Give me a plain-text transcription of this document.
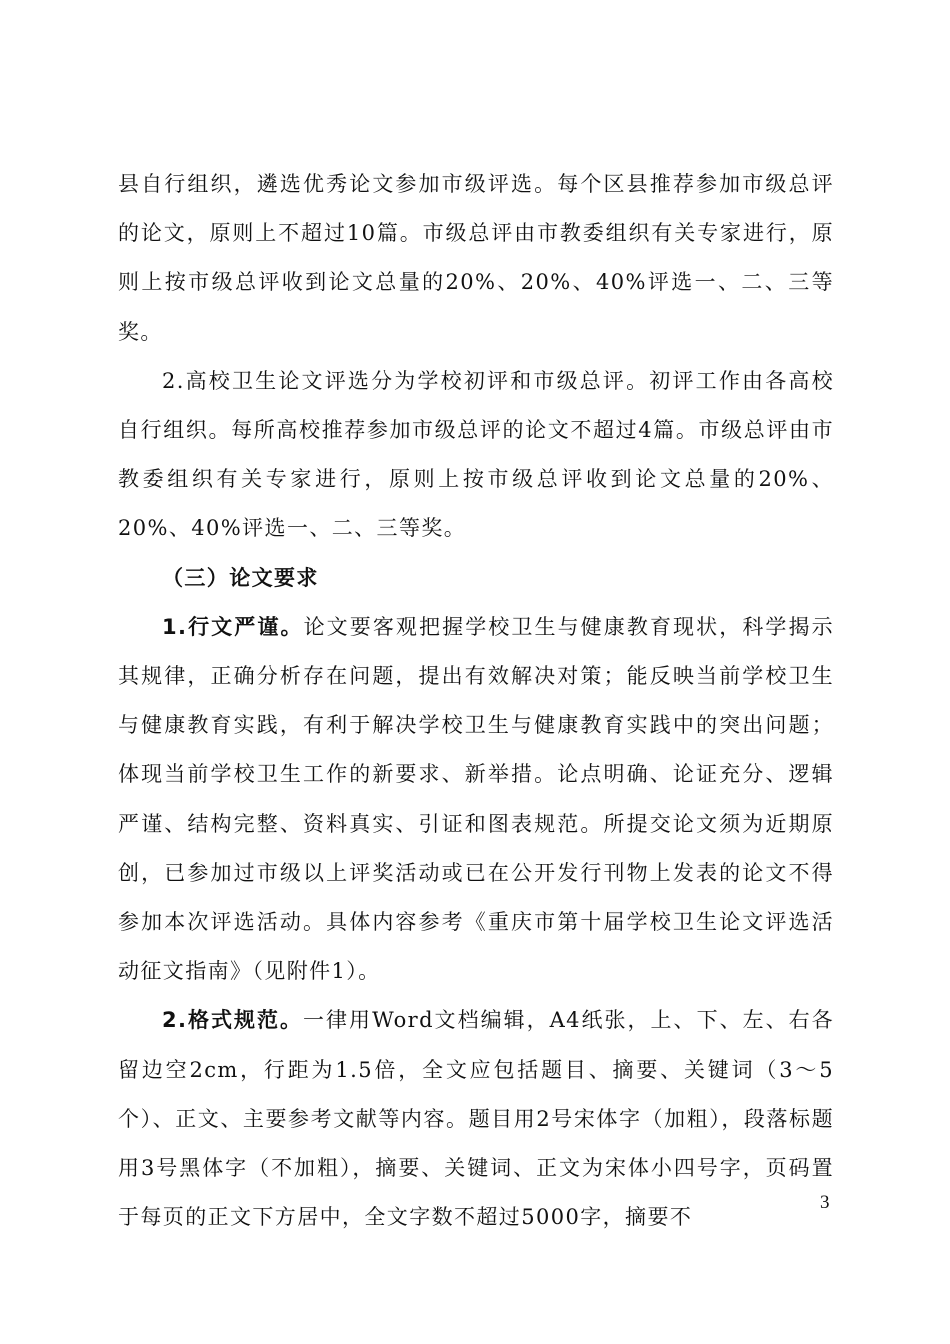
县自行组织，遴选优秀论文参加市级评选。每个区县推荐参加市级总评的论文，原则上不超过10篇。市级总评由市教委组织有关专家进行，原则上按市级总评收到论文总量的20%、20%、40%评选一、二、三等奖。

2.高校卫生论文评选分为学校初评和市级总评。初评工作由各高校自行组织。每所高校推荐参加市级总评的论文不超过4篇。市级总评由市教委组织有关专家进行，原则上按市级总评收到论文总量的20%、20%、40%评选一、二、三等奖。

（三）论文要求

1.行文严谨。论文要客观把握学校卫生与健康教育现状，科学揭示其规律，正确分析存在问题，提出有效解决对策；能反映当前学校卫生与健康教育实践，有利于解决学校卫生与健康教育实践中的突出问题；体现当前学校卫生工作的新要求、新举措。论点明确、论证充分、逻辑严谨、结构完整、资料真实、引证和图表规范。所提交论文须为近期原创，已参加过市级以上评奖活动或已在公开发行刊物上发表的论文不得参加本次评选活动。具体内容参考《重庆市第十届学校卫生论文评选活动征文指南》（见附件1）。

2.格式规范。一律用Word文档编辑，A4纸张，上、下、左、右各留边空2cm，行距为1.5倍，全文应包括题目、摘要、关键词（3～5个）、正文、主要参考文献等内容。题目用2号宋体字（加粗），段落标题用3号黑体字（不加粗），摘要、关键词、正文为宋体小四号字，页码置于每页的正文下方居中，全文字数不超过5000字，摘要不

3
